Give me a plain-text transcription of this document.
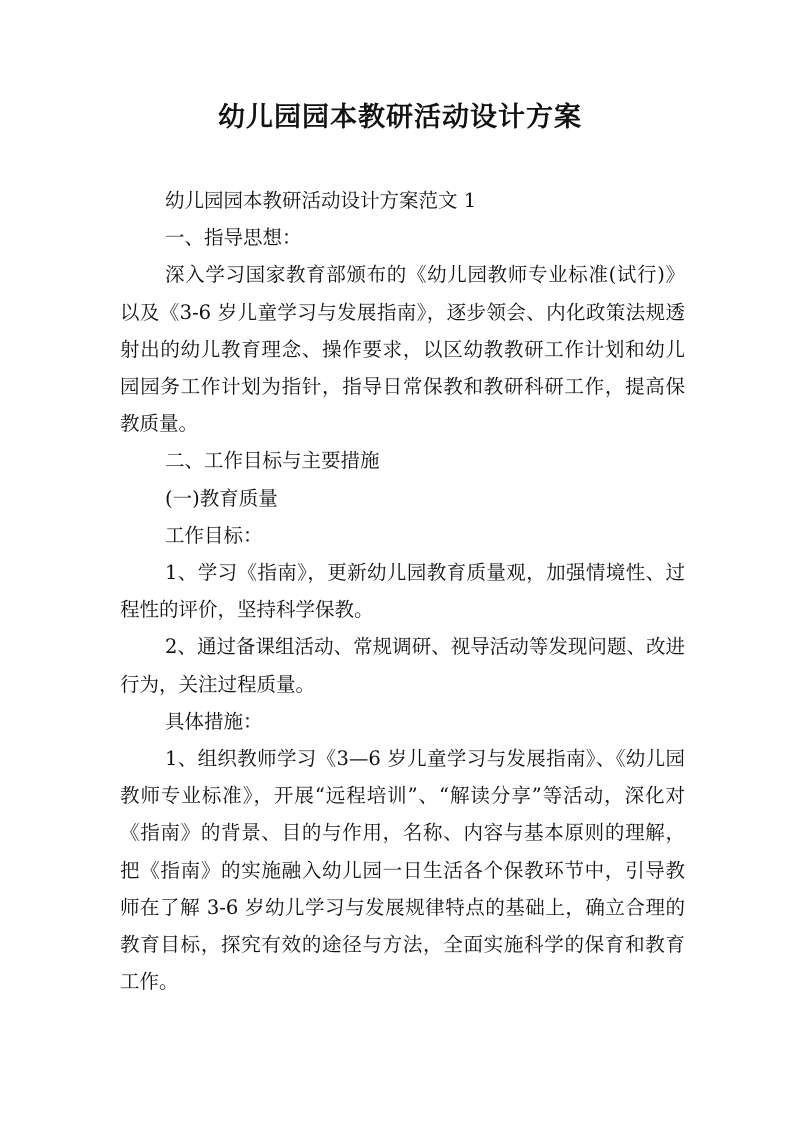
幼儿园园本教研活动设计方案

幼儿园园本教研活动设计方案范文 1

一、指导思想：

深入学习国家教育部颁布的《幼儿园教师专业标准(试行)》以及《3-6 岁儿童学习与发展指南》，逐步领会、内化政策法规透射出的幼儿教育理念、操作要求，以区幼教教研工作计划和幼儿园园务工作计划为指针，指导日常保教和教研科研工作，提高保教质量。

二、工作目标与主要措施

(一)教育质量

工作目标：

1、学习《指南》，更新幼儿园教育质量观，加强情境性、过程性的评价，坚持科学保教。

2、通过备课组活动、常规调研、视导活动等发现问题、改进行为，关注过程质量。

具体措施：

1、组织教师学习《3—6 岁儿童学习与发展指南》、《幼儿园教师专业标准》，开展“远程培训”、“解读分享”等活动，深化对《指南》的背景、目的与作用，名称、内容与基本原则的理解，把《指南》的实施融入幼儿园一日生活各个保教环节中，引导教师在了解 3-6 岁幼儿学习与发展规律特点的基础上，确立合理的教育目标，探究有效的途径与方法，全面实施科学的保育和教育工作。
